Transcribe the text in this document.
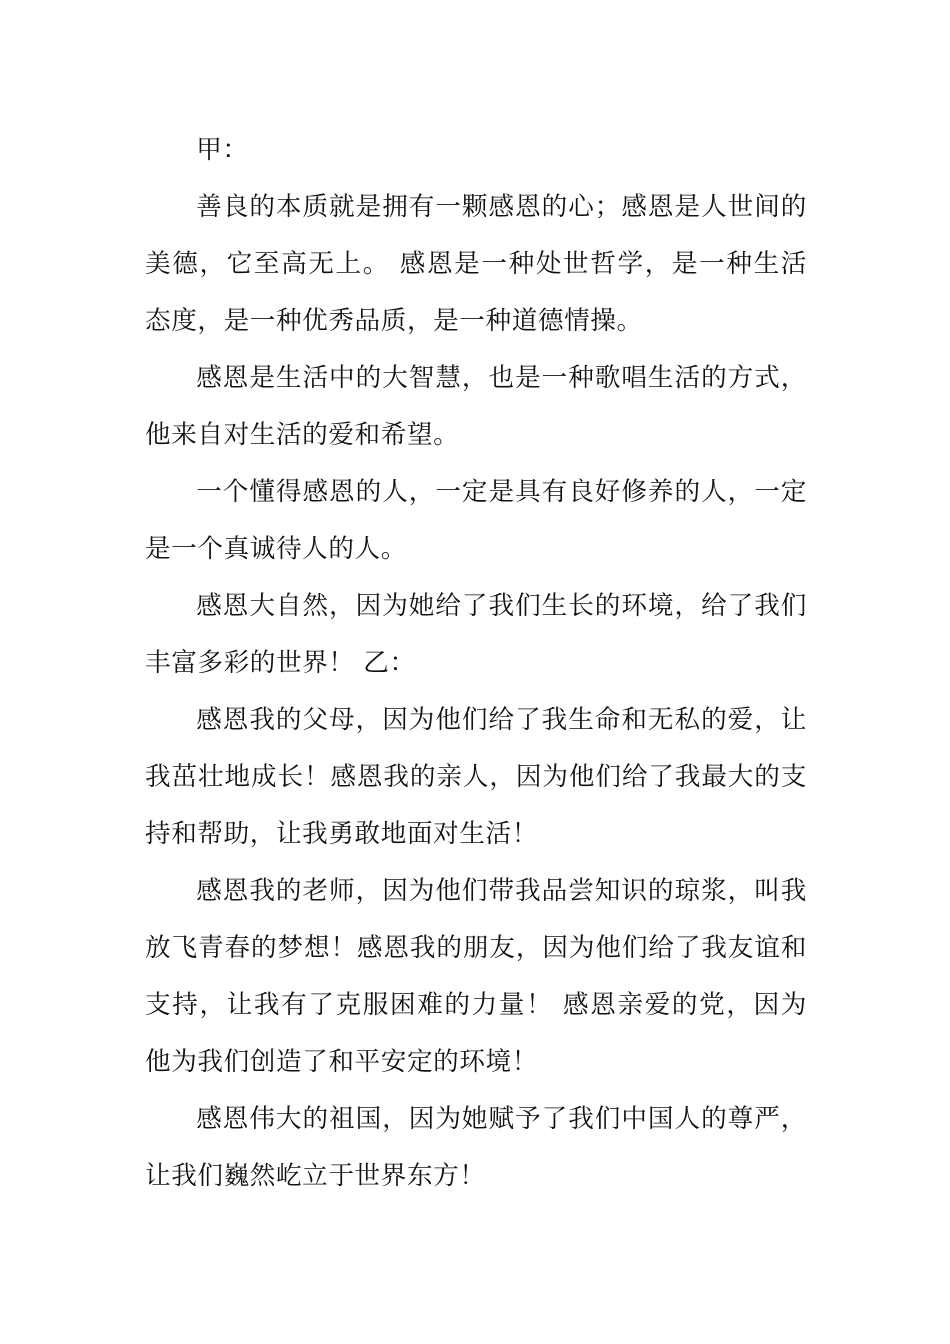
甲：

善良的本质就是拥有一颗感恩的心；感恩是人世间的美德，它至高无上。 感恩是一种处世哲学，是一种生活态度，是一种优秀品质，是一种道德情操。

感恩是生活中的大智慧，也是一种歌唱生活的方式，他来自对生活的爱和希望。

一个懂得感恩的人，一定是具有良好修养的人，一定是一个真诚待人的人。

感恩大自然，因为她给了我们生长的环境，给了我们丰富多彩的世界！ 乙：

感恩我的父母，因为他们给了我生命和无私的爱，让我茁壮地成长！感恩我的亲人，因为他们给了我最大的支持和帮助，让我勇敢地面对生活！

感恩我的老师，因为他们带我品尝知识的琼浆，叫我放飞青春的梦想！感恩我的朋友，因为他们给了我友谊和支持，让我有了克服困难的力量！ 感恩亲爱的党，因为他为我们创造了和平安定的环境！

感恩伟大的祖国，因为她赋予了我们中国人的尊严，让我们巍然屹立于世界东方！
